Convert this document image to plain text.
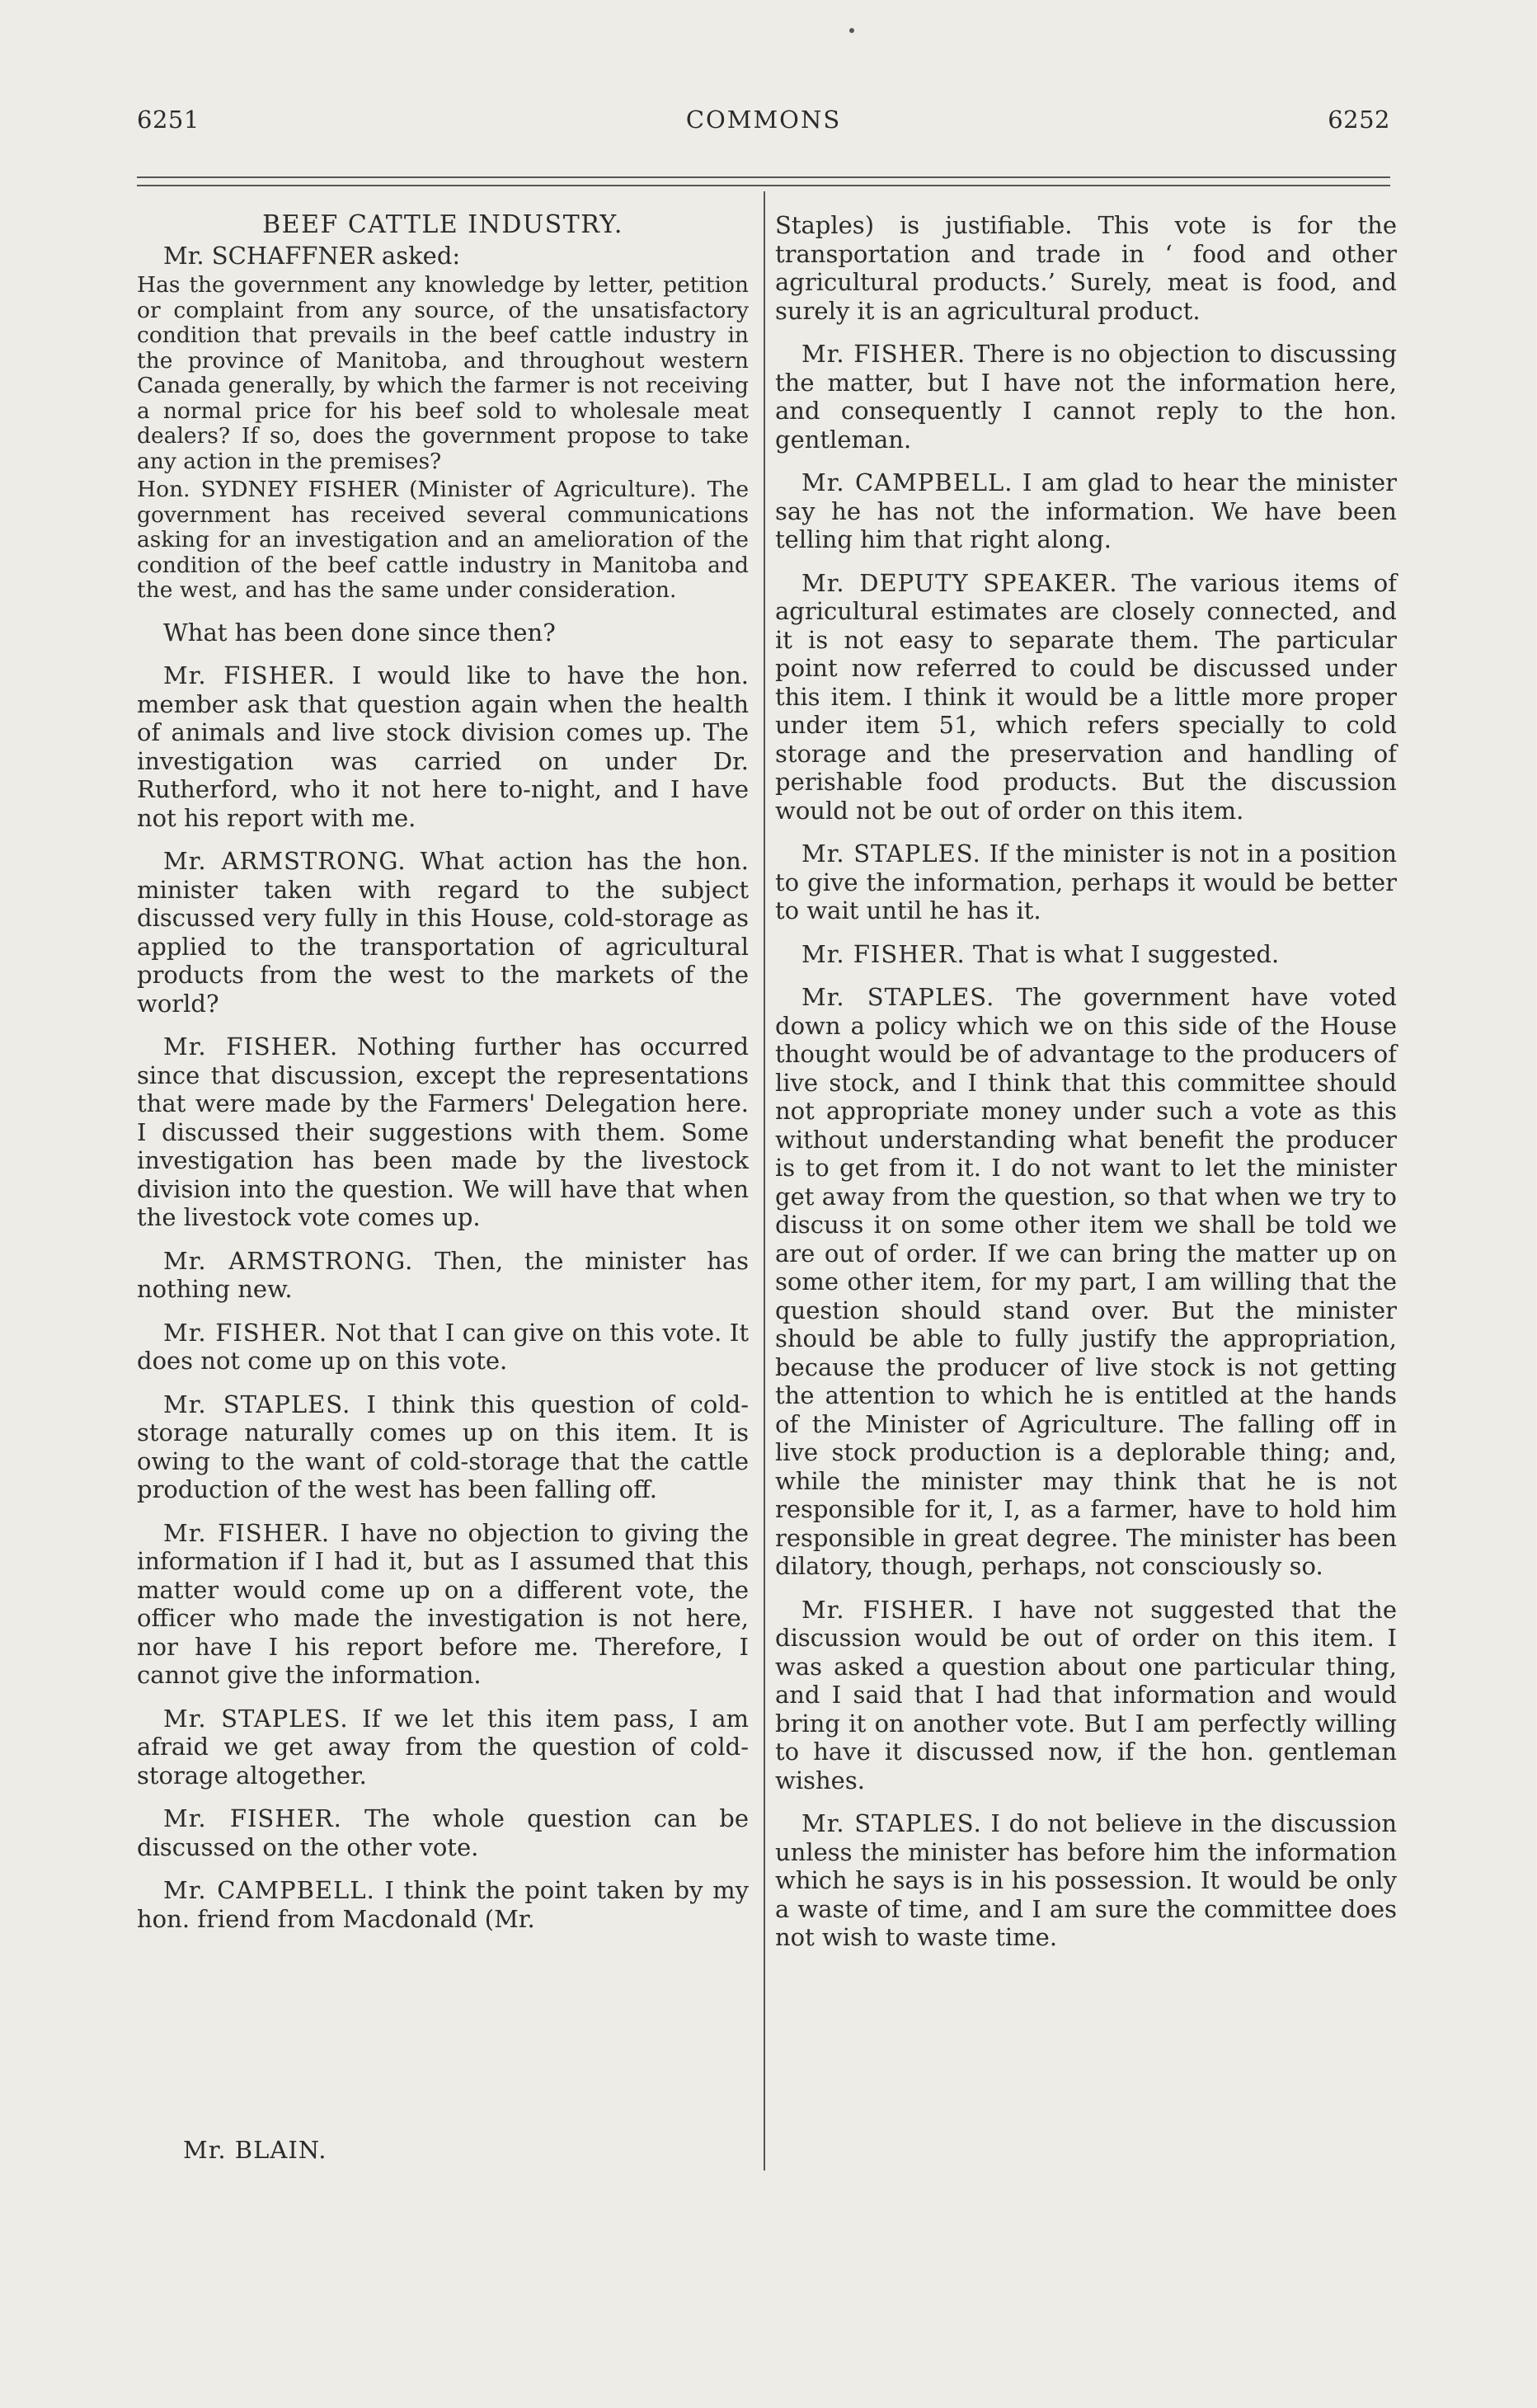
6251	COMMONS	6252
BEEF CATTLE INDUSTRY.

Mr. SCHAFFNER asked:

Has the government any knowledge by letter, petition or complaint from any source, of the unsatisfactory condition that prevails in the beef cattle industry in the province of Manitoba, and throughout western Canada generally, by which the farmer is not receiving a normal price for his beef sold to wholesale meat dealers? If so, does the government propose to take any action in the premises?

Hon. SYDNEY FISHER (Minister of Agriculture). The government has received several communications asking for an investigation and an amelioration of the condition of the beef cattle industry in Manitoba and the west, and has the same under consideration.

What has been done since then?

Mr. FISHER. I would like to have the hon. member ask that question again when the health of animals and live stock division comes up. The investigation was carried on under Dr. Rutherford, who it not here to-night, and I have not his report with me.

Mr. ARMSTRONG. What action has the hon. minister taken with regard to the subject discussed very fully in this House, cold-storage as applied to the transportation of agricultural products from the west to the markets of the world?

Mr. FISHER. Nothing further has occurred since that discussion, except the representations that were made by the Farmers' Delegation here. I discussed their suggestions with them. Some investigation has been made by the livestock division into the question. We will have that when the livestock vote comes up.

Mr. ARMSTRONG. Then, the minister has nothing new.

Mr. FISHER. Not that I can give on this vote. It does not come up on this vote.

Mr. STAPLES. I think this question of cold-storage naturally comes up on this item. It is owing to the want of cold-storage that the cattle production of the west has been falling off.

Mr. FISHER. I have no objection to giving the information if I had it, but as I assumed that this matter would come up on a different vote, the officer who made the investigation is not here, nor have I his report before me. Therefore, I cannot give the information.

Mr. STAPLES. If we let this item pass, I am afraid we get away from the question of cold-storage altogether.

Mr. FISHER. The whole question can be discussed on the other vote.

Mr. CAMPBELL. I think the point taken by my hon. friend from Macdonald (Mr.

Mr. BLAIN.

Staples) is justifiable. This vote is for the transportation and trade in ‘ food and other agricultural products.’ Surely, meat is food, and surely it is an agricultural product.

Mr. FISHER. There is no objection to discussing the matter, but I have not the information here, and consequently I cannot reply to the hon. gentleman.

Mr. CAMPBELL. I am glad to hear the minister say he has not the information. We have been telling him that right along.

Mr. DEPUTY SPEAKER. The various items of agricultural estimates are closely connected, and it is not easy to separate them. The particular point now referred to could be discussed under this item. I think it would be a little more proper under item 51, which refers specially to cold storage and the preservation and handling of perishable food products. But the discussion would not be out of order on this item.

Mr. STAPLES. If the minister is not in a position to give the information, perhaps it would be better to wait until he has it.

Mr. FISHER. That is what I suggested.

Mr. STAPLES. The government have voted down a policy which we on this side of the House thought would be of advantage to the producers of live stock, and I think that this committee should not appropriate money under such a vote as this without understanding what benefit the producer is to get from it. I do not want to let the minister get away from the question, so that when we try to discuss it on some other item we shall be told we are out of order. If we can bring the matter up on some other item, for my part, I am willing that the question should stand over. But the minister should be able to fully justify the appropriation, because the producer of live stock is not getting the attention to which he is entitled at the hands of the Minister of Agriculture. The falling off in live stock production is a deplorable thing; and, while the minister may think that he is not responsible for it, I, as a farmer, have to hold him responsible in great degree. The minister has been dilatory, though, perhaps, not consciously so.

Mr. FISHER. I have not suggested that the discussion would be out of order on this item. I was asked a question about one particular thing, and I said that I had that information and would bring it on another vote. But I am perfectly willing to have it discussed now, if the hon. gentleman wishes.

Mr. STAPLES. I do not believe in the discussion unless the minister has before him the information which he says is in his possession. It would be only a waste of time, and I am sure the committee does not wish to waste time.
